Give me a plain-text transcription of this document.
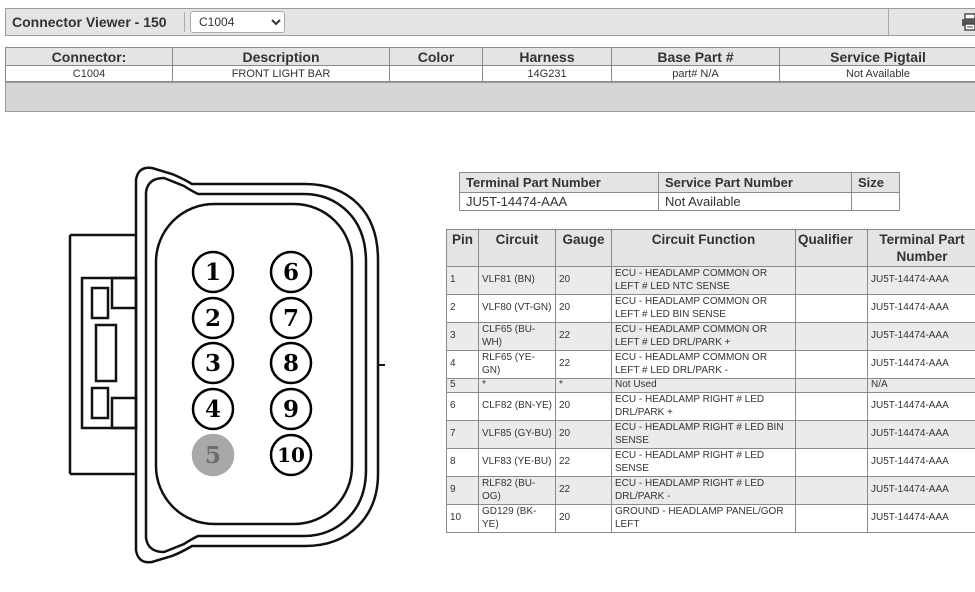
Connector Viewer - 150
C1004
Connector:	Description	Color	Harness	Base Part #	Service Pigtail
C1004	FRONT LIGHT BAR		14G231	part# N/A	Not Available
1
2
3
4
5
6
7
8
9
10
Terminal Part Number	Service Part Number	Size
JU5T-14474-AAA	Not Available	
Pin	Circuit	Gauge	Circuit Function	Qualifier	Terminal Part Number
1	VLF81 (BN)	20	ECU - HEADLAMP COMMON OR LEFT # LED NTC SENSE		JU5T-14474-AAA
2	VLF80 (VT-GN)	20	ECU - HEADLAMP COMMON OR LEFT # LED BIN SENSE		JU5T-14474-AAA
3	CLF65 (BU-WH)	22	ECU - HEADLAMP COMMON OR LEFT # LED DRL/PARK +		JU5T-14474-AAA
4	RLF65 (YE-GN)	22	ECU - HEADLAMP COMMON OR LEFT # LED DRL/PARK -		JU5T-14474-AAA
5	*	*	Not Used		N/A
6	CLF82 (BN-YE)	20	ECU - HEADLAMP RIGHT # LED DRL/PARK +		JU5T-14474-AAA
7	VLF85 (GY-BU)	20	ECU - HEADLAMP RIGHT # LED BIN SENSE		JU5T-14474-AAA
8	VLF83 (YE-BU)	22	ECU - HEADLAMP RIGHT # LED SENSE		JU5T-14474-AAA
9	RLF82 (BU-OG)	22	ECU - HEADLAMP RIGHT # LED DRL/PARK -		JU5T-14474-AAA
10	GD129 (BK-YE)	20	GROUND - HEADLAMP PANEL/GOR LEFT		JU5T-14474-AAA
